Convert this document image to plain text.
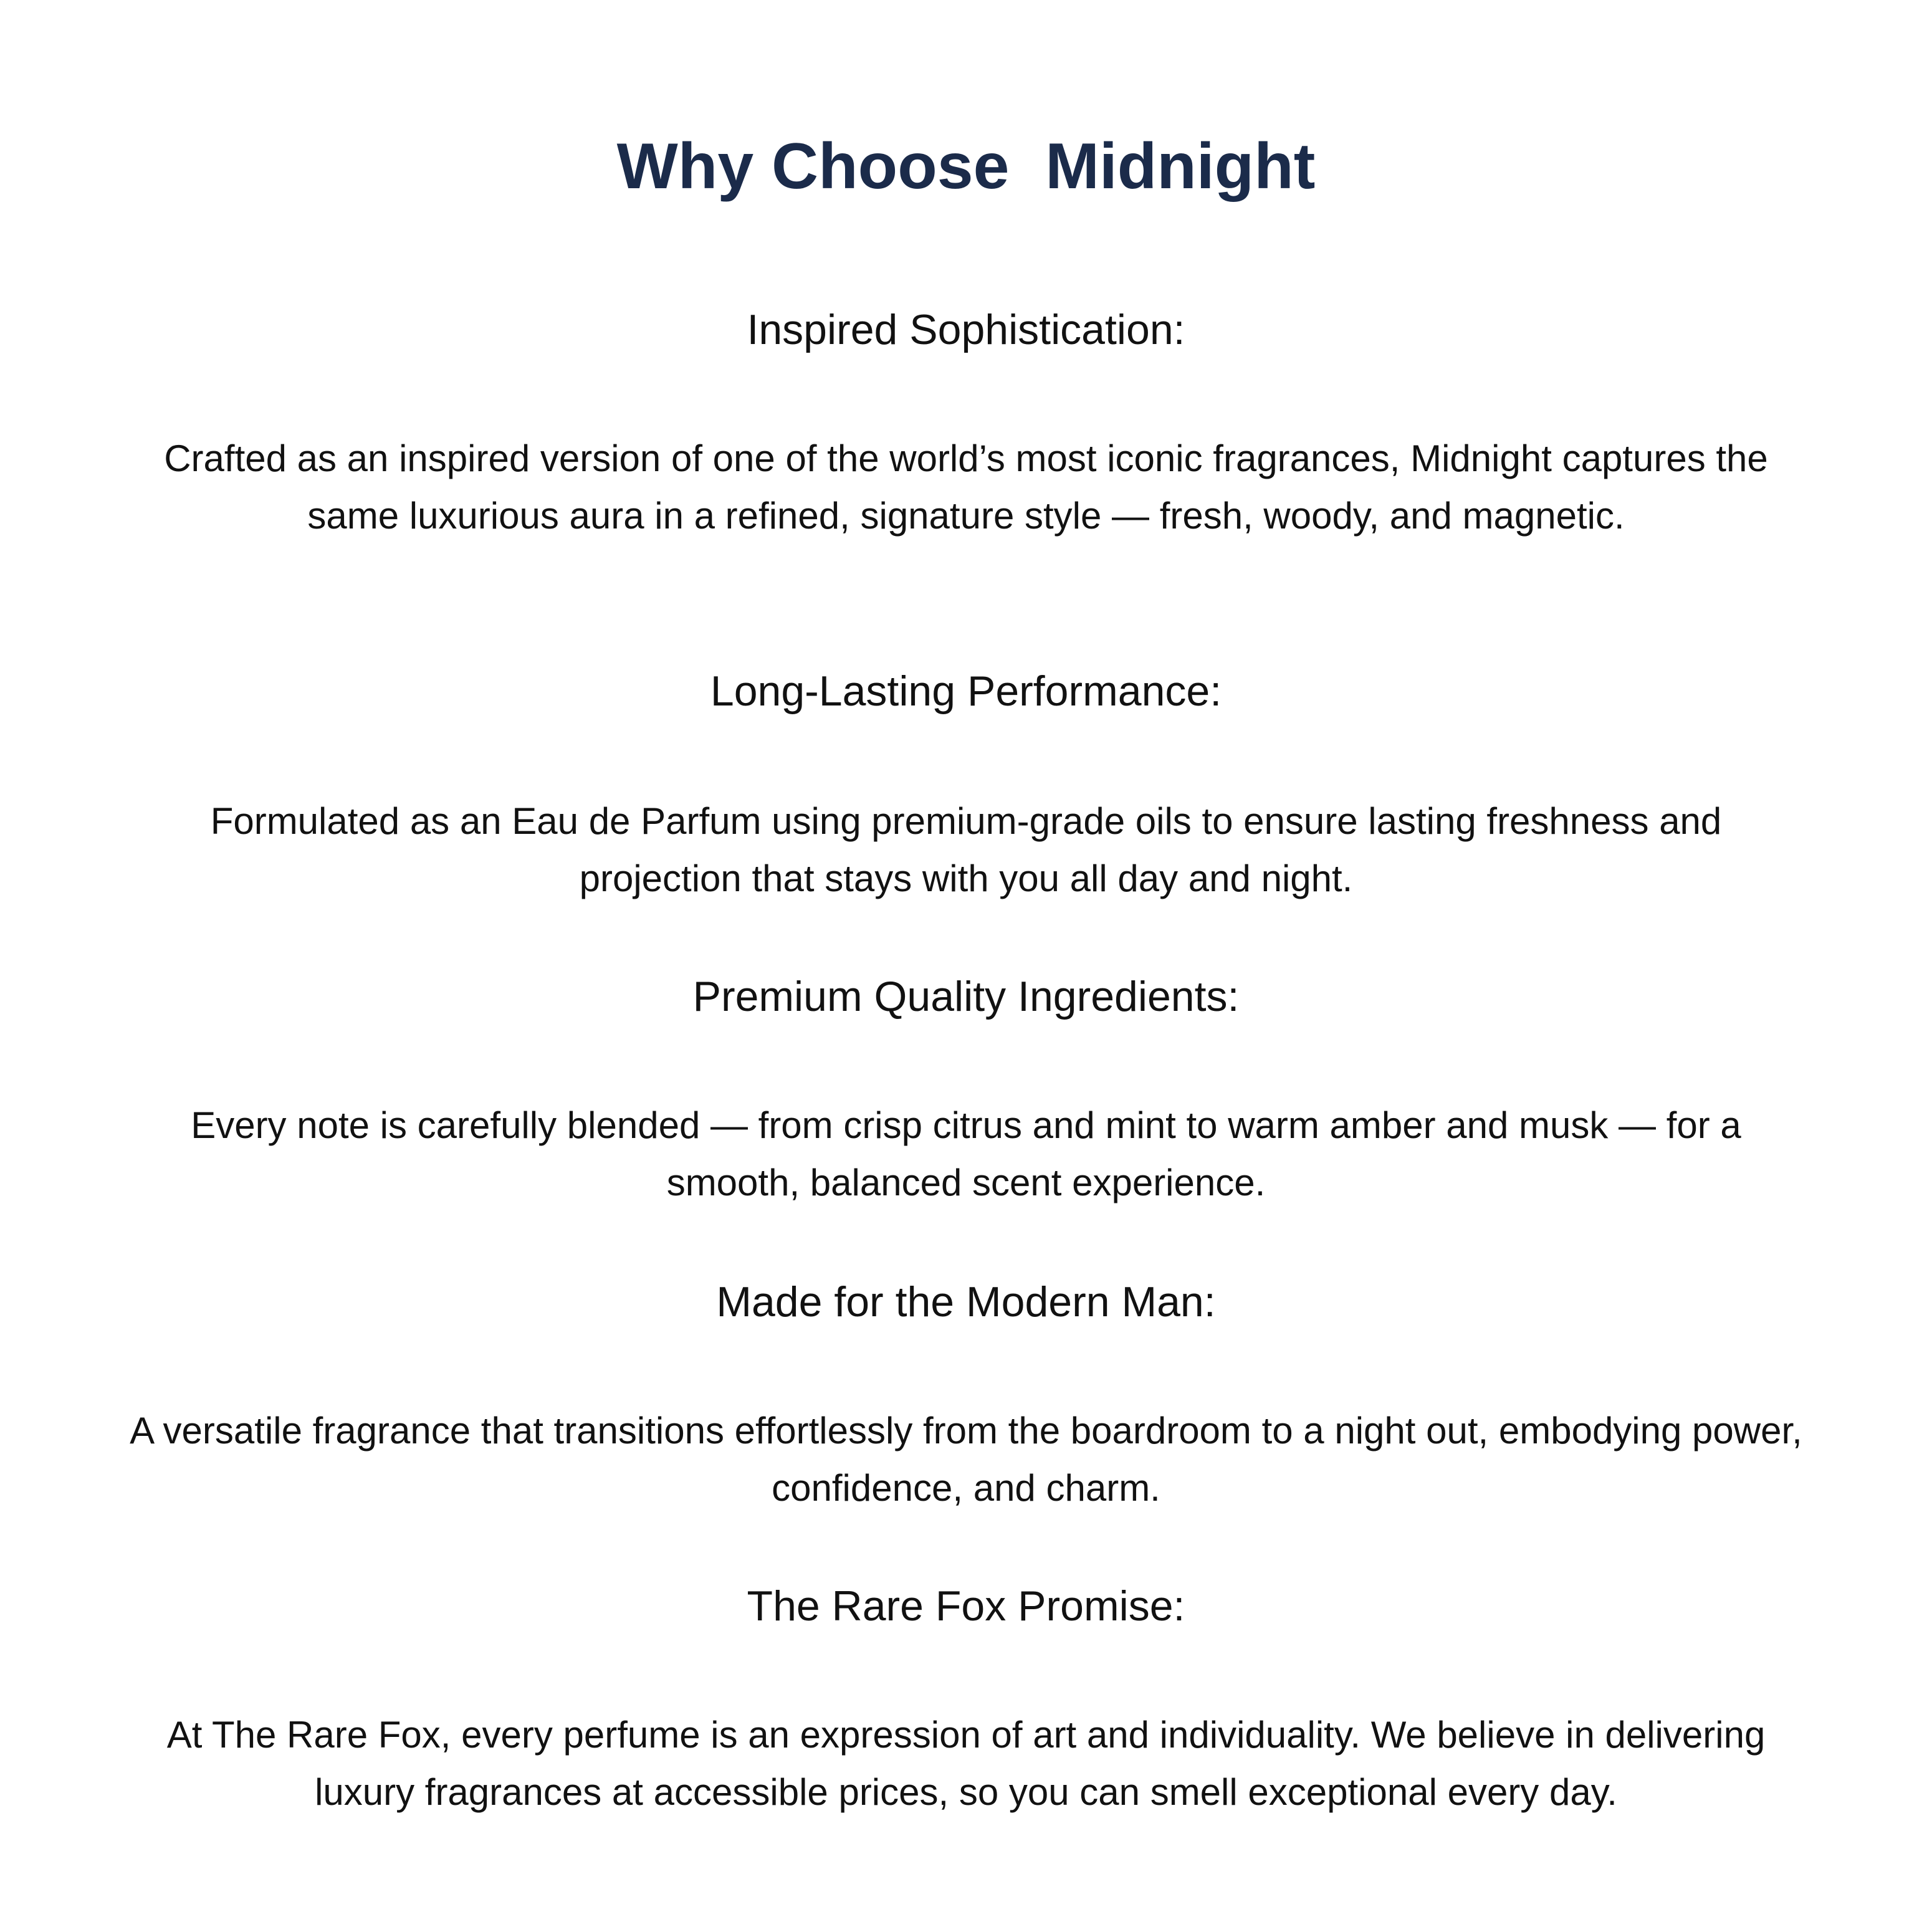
Why Choose  Midnight
Inspired Sophistication:

Crafted as an inspired version of one of the world’s most iconic fragrances, Midnight captures the same luxurious aura in a refined, signature style — fresh, woody, and magnetic.

Long-Lasting Performance:

Formulated as an Eau de Parfum using premium-grade oils to ensure lasting freshness and projection that stays with you all day and night.

Premium Quality Ingredients:

Every note is carefully blended — from crisp citrus and mint to warm amber and musk — for a smooth, balanced scent experience.

Made for the Modern Man:

A versatile fragrance that transitions effortlessly from the boardroom to a night out, embodying power, confidence, and charm.

The Rare Fox Promise:

At The Rare Fox, every perfume is an expression of art and individuality. We believe in delivering luxury fragrances at accessible prices, so you can smell exceptional every day.
